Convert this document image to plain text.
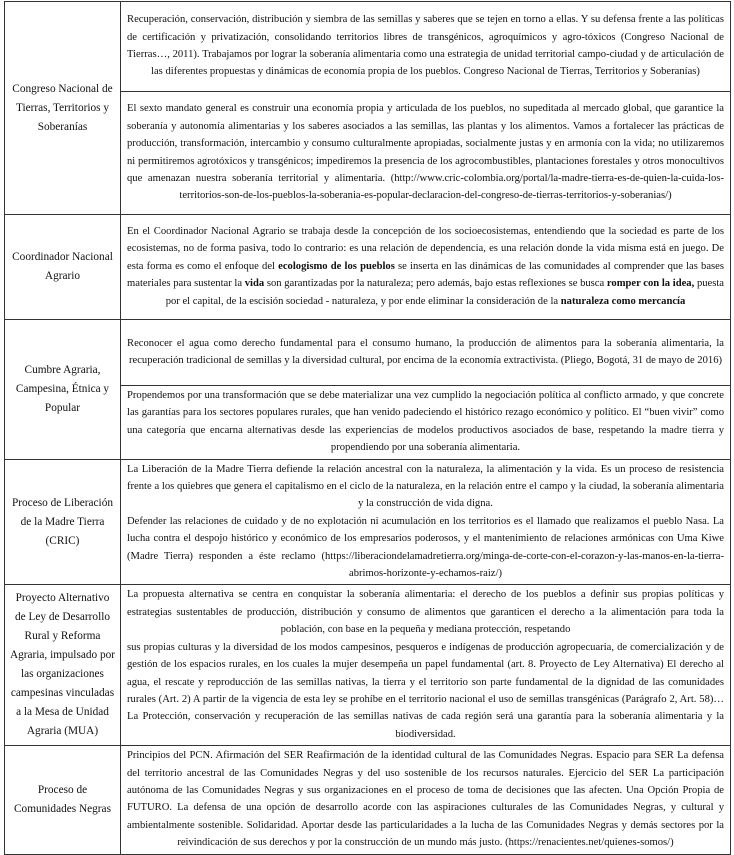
Congreso Nacional de Tierras, Territorios y Soberanías	Recuperación, conservación, distribución y siembra de las semillas y saberes que se tejen en torno a ellas. Y su defensa frente a las políticas de certificación y privatización, consolidando territorios libres de transgénicos, agroquímicos y agro-tóxicos (Congreso Nacional de Tierras…, 2011). Trabajamos por lograr la soberanía alimentaria como una estrategia de unidad territorial campo-ciudad y de articulación de las diferentes propuestas y dinámicas de economía propia de los pueblos. Congreso Nacional de Tierras, Territorios y Soberanías)
	El sexto mandato general es construir una economía propia y articulada de los pueblos, no supeditada al mercado global, que garantice la soberanía y autonomía alimentarias y los saberes asociados a las semillas, las plantas y los alimentos. Vamos a fortalecer las prácticas de producción, transformación, intercambio y consumo culturalmente apropiadas, socialmente justas y en armonía con la vida; no utilizaremos ni permitiremos agrotóxicos y transgénicos; impediremos la presencia de los agrocombustibles, plantaciones forestales y otros monocultivos que amenazan nuestra soberanía territorial y alimentaria. (http://www.cric-colombia.org/portal/la-madre-tierra-es-de-quien-la-cuida-los-territorios-son-de-los-pueblos-la-soberania-es-popular-declaracion-del-congreso-de-tierras-territorios-y-soberanias/)
Coordinador Nacional Agrario	En el Coordinador Nacional Agrario se trabaja desde la concepción de los socioecosistemas, entendiendo que la sociedad es parte de los ecosistemas, no de forma pasiva, todo lo contrario: es una relación de dependencia, es una relación donde la vida misma está en juego. De esta forma es como el enfoque del ecologismo de los pueblos se inserta en las dinámicas de las comunidades al comprender que las bases materiales para sustentar la vida son garantizadas por la naturaleza; pero además, bajo estas reflexiones se busca romper con la idea, puesta por el capital, de la escisión sociedad - naturaleza, y por ende eliminar la consideración de la naturaleza como mercancía
Cumbre Agraria, Campesina, Étnica y Popular	Reconocer el agua como derecho fundamental para el consumo humano, la producción de alimentos para la soberanía alimentaria, la recuperación tradicional de semillas y la diversidad cultural, por encima de la economía extractivista. (Pliego, Bogotá, 31 de mayo de 2016)
	Propendemos por una transformación que se debe materializar una vez cumplido la negociación política al conflicto armado, y que concrete las garantías para los sectores populares rurales, que han venido padeciendo el histórico rezago económico y político. El “buen vivir” como una categoría que encarna alternativas desde las experiencias de modelos productivos asociados de base, respetando la madre tierra y propendiendo por una soberanía alimentaria.
Proceso de Liberación de la Madre Tierra (CRIC)	La Liberación de la Madre Tierra defiende la relación ancestral con la naturaleza, la alimentación y la vida. Es un proceso de resistencia frente a los quiebres que genera el capitalismo en el ciclo de la naturaleza, en la relación entre el campo y la ciudad, la soberanía alimentaria y la construcción de vida digna.
Defender las relaciones de cuidado y de no explotación ni acumulación en los territorios es el llamado que realizamos el pueblo Nasa. La lucha contra el despojo histórico y económico de los empresarios poderosos, y el mantenimiento de relaciones armónicas con Uma Kiwe (Madre Tierra) responden a éste reclamo (https://liberaciondelamadretierra.org/minga-de-corte-con-el-corazon-y-las-manos-en-la-tierra-abrimos-horizonte-y-echamos-raiz/)

Proyecto Alternativo de Ley de Desarrollo Rural y Reforma Agraria, impulsado por las organizaciones campesinas vinculadas a la Mesa de Unidad Agraria (MUA)	La propuesta alternativa se centra en conquistar la soberanía alimentaria: el derecho de los pueblos a definir sus propias políticas y estrategias sustentables de producción, distribución y consumo de alimentos que garanticen el derecho a la alimentación para toda la población, con base en la pequeña y mediana protección, respetando
sus propias culturas y la diversidad de los modos campesinos, pesqueros e indígenas de producción agropecuaria, de comercialización y de gestión de los espacios rurales, en los cuales la mujer desempeña un papel fundamental (art. 8. Proyecto de Ley Alternativa) El derecho al agua, el rescate y reproducción de las semillas nativas, la tierra y el territorio son parte fundamental de la dignidad de las comunidades rurales (Art. 2) A partir de la vigencia de esta ley se prohíbe en el territorio nacional el uso de semillas transgénicas (Parágrafo 2, Art. 58)… La Protección, conservación y recuperación de las semillas nativas de cada región será una garantía para la soberanía alimentaria y la biodiversidad.

Proceso de Comunidades Negras	Principios del PCN. Afirmación del SER Reafirmación de la identidad cultural de las Comunidades Negras. Espacio para SER La defensa del territorio ancestral de las Comunidades Negras y del uso sostenible de los recursos naturales. Ejercicio del SER La participación autónoma de las Comunidades Negras y sus organizaciones en el proceso de toma de decisiones que las afecten. Una Opción Propia de FUTURO. La defensa de una opción de desarrollo acorde con las aspiraciones culturales de las Comunidades Negras, y cultural y ambientalmente sostenible. Solidaridad. Aportar desde las particularidades a la lucha de las Comunidades Negras y demás sectores por la reivindicación de sus derechos y por la construcción de un mundo más justo. (https://renacientes.net/quienes-somos/)
